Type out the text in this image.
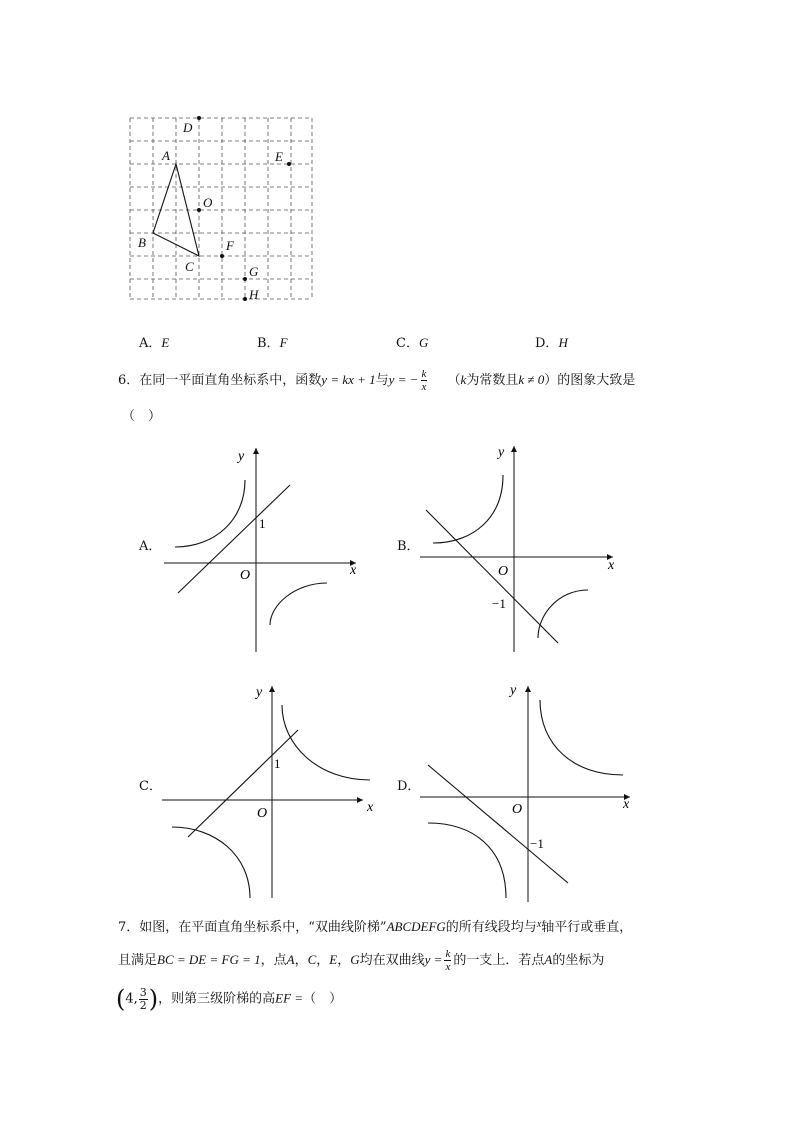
D
A	E
O
B	F
C	G
H
A．E	B．F	C．G	D．H
6．在同一平面直角坐标系中，函数y = kx + 1与y = − $\frac{k}{x} (k$为常数且k ≠ 0）的图象大致是
（　）
A．
y
x
O
1
B．
y
x
O
−1
C．
y
x
O
1
D．
y
x
O
−1
7．如图，在平面直角坐标系中，“双曲线阶梯”ABCDEFG的所有线段均与$^x$轴平行或垂直，
且满足BC = DE = FG = 1，点A，C，E，G均在双曲线$y = \frac{k}{x}$ 的一支上．若点A的坐标为
(4, $\frac{3}{2}$ )，则第三级阶梯的高EF =（　）
